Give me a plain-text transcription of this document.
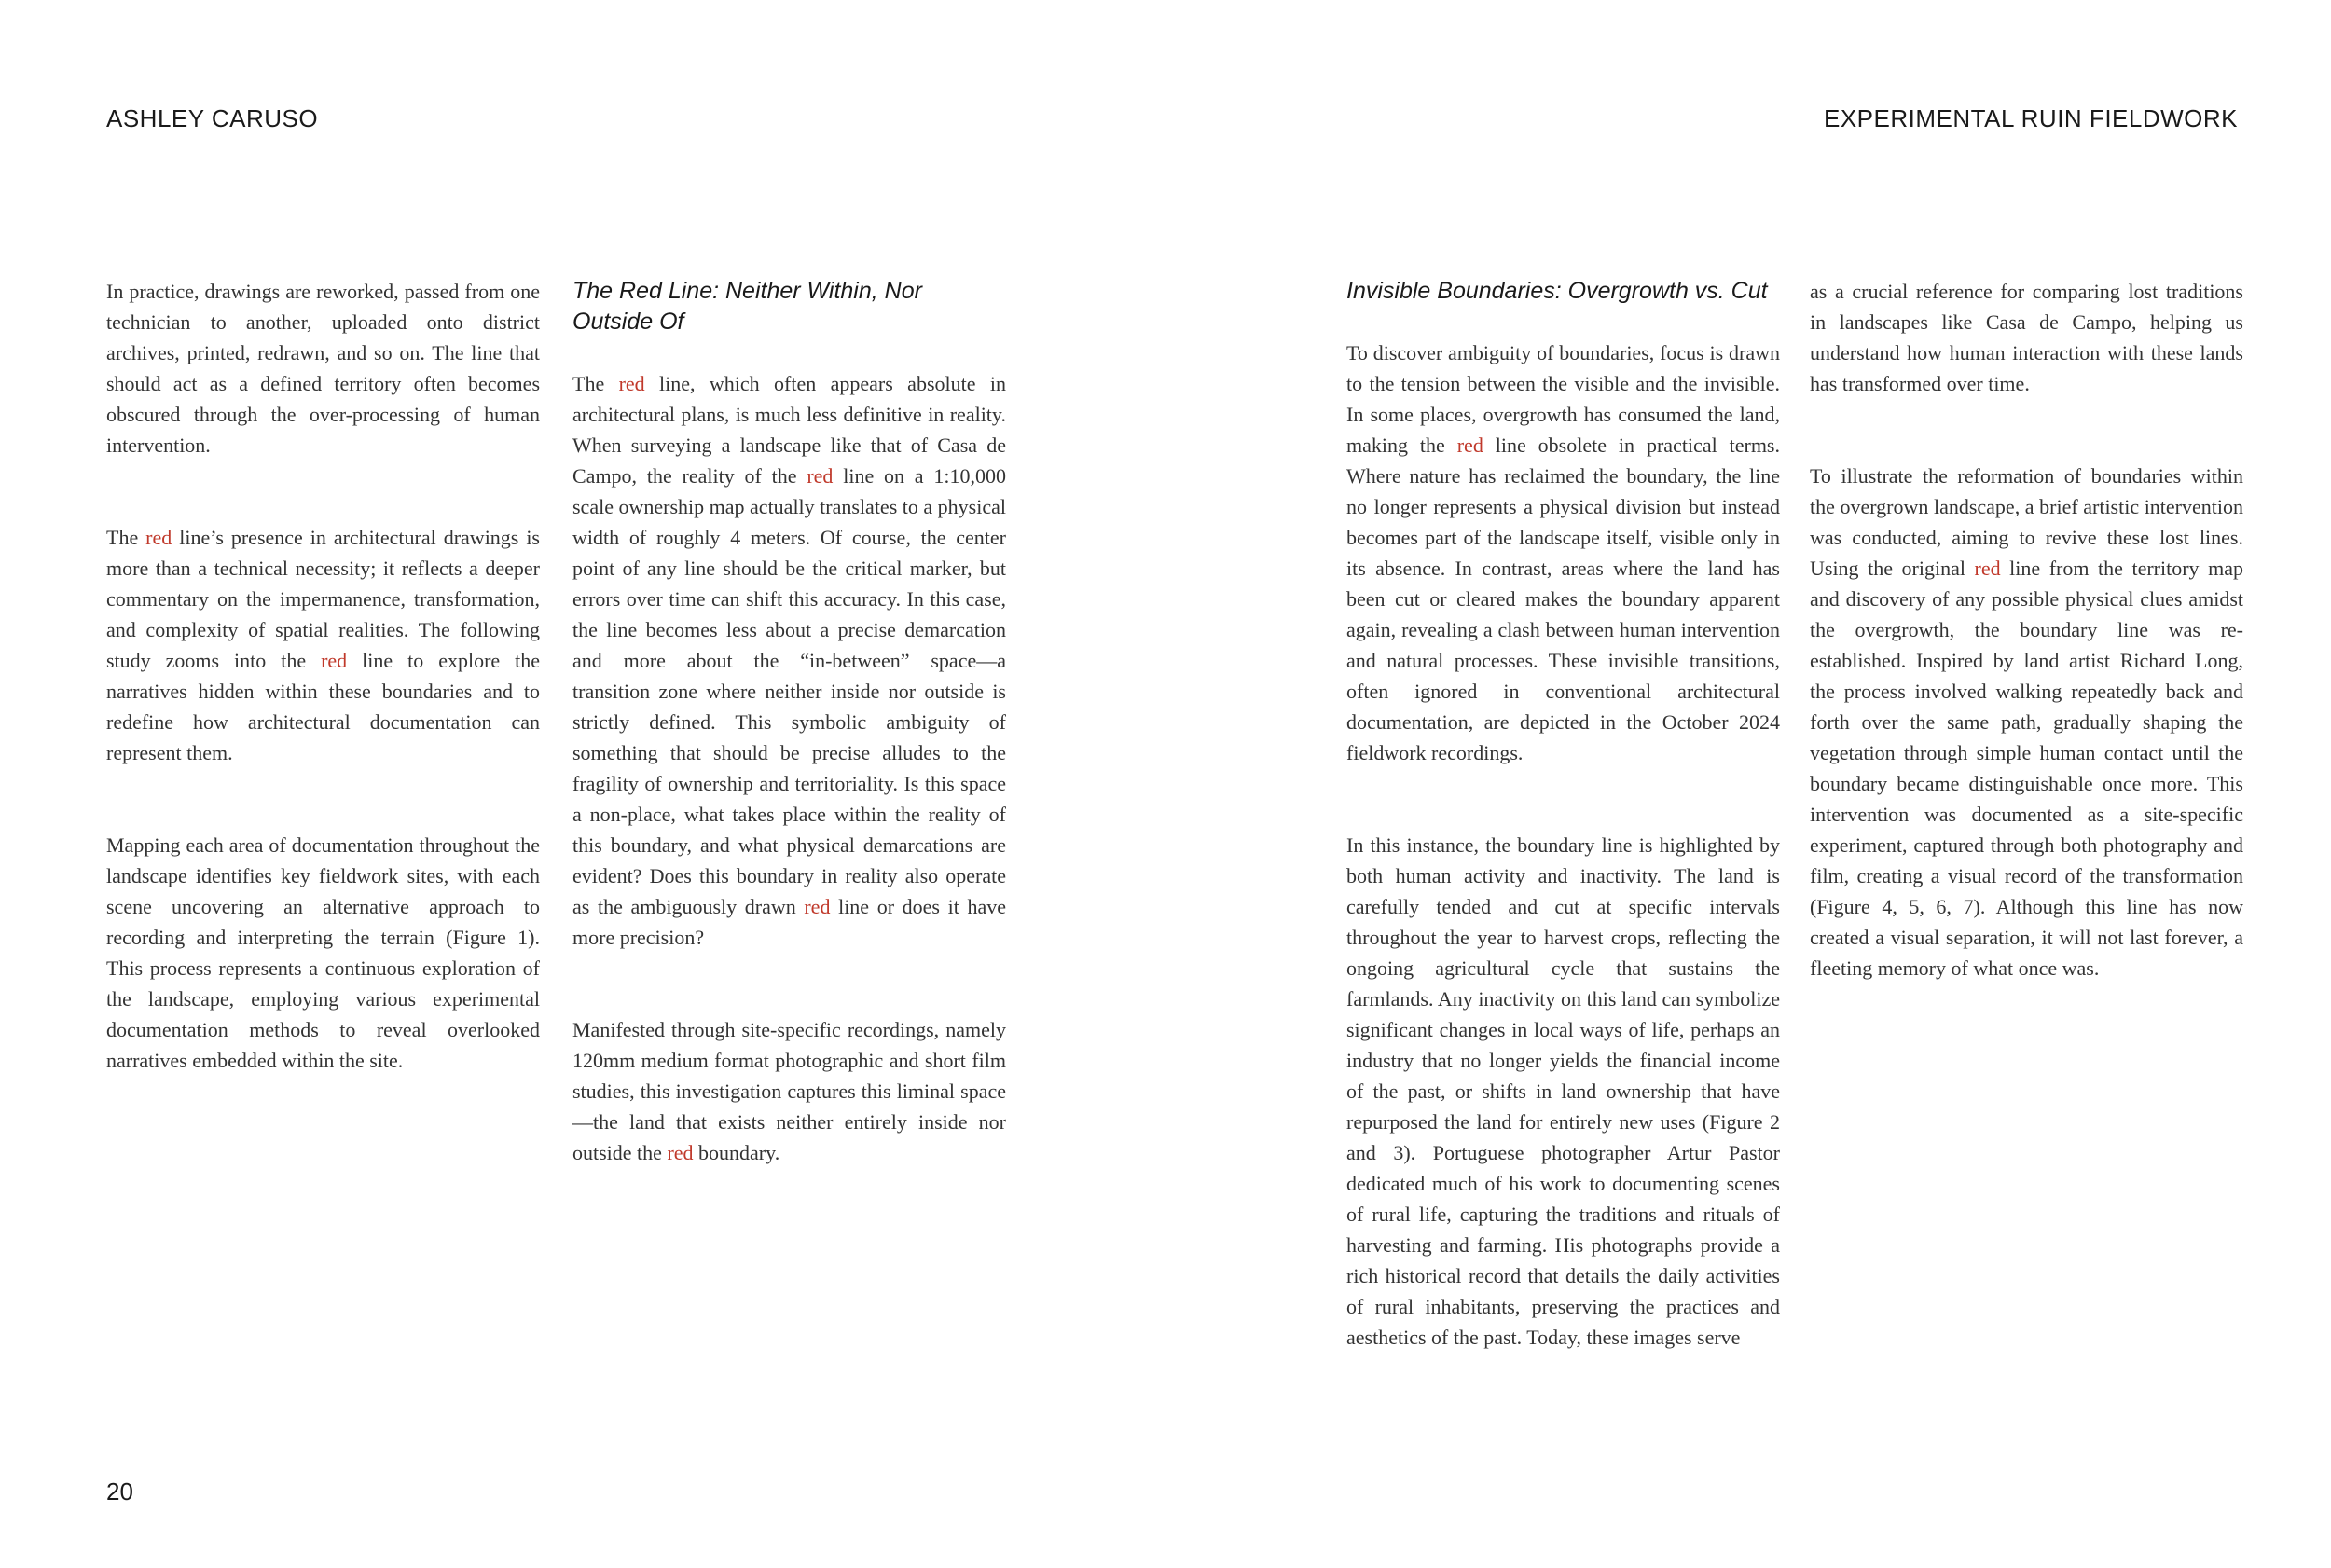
ASHLEY CARUSO	EXPERIMENTAL RUIN FIELDWORK

In practice, drawings are reworked, passed from one technician to another, uploaded onto district archives, printed, redrawn, and so on. The line that should act as a defined territory often becomes obscured through the over-processing of human intervention.

The red line’s presence in architectural drawings is more than a technical necessity; it reflects a deeper commentary on the impermanence, transformation, and complexity of spatial realities. The following study zooms into the red line to explore the narratives hidden within these boundaries and to redefine how architectural documentation can represent them.

Mapping each area of documentation throughout the landscape identifies key fieldwork sites, with each scene uncovering an alternative approach to recording and interpreting the terrain (Figure 1). This process represents a continuous exploration of the landscape, employing various experimental documentation methods to reveal overlooked narratives embedded within the site.

The Red Line: Neither Within, Nor Outside Of

The red line, which often appears absolute in architectural plans, is much less definitive in reality. When surveying a landscape like that of Casa de Campo, the reality of the red line on a 1:10,000 scale ownership map actually translates to a physical width of roughly 4 meters. Of course, the center point of any line should be the critical marker, but errors over time can shift this accuracy. In this case, the line becomes less about a precise demarcation and more about the “in-between” space—a transition zone where neither inside nor outside is strictly defined. This symbolic ambiguity of something that should be precise alludes to the fragility of ownership and territoriality. Is this space a non-place, what takes place within the reality of this boundary, and what physical demarcations are evident? Does this boundary in reality also operate as the ambiguously drawn red line or does it have more precision?

Manifested through site-specific recordings, namely 120mm medium format photographic and short film studies, this investigation captures this liminal space—the land that exists neither entirely inside nor outside the red boundary.

Invisible Boundaries: Overgrowth vs. Cut

To discover ambiguity of boundaries, focus is drawn to the tension between the visible and the invisible. In some places, overgrowth has consumed the land, making the red line obsolete in practical terms. Where nature has reclaimed the boundary, the line no longer represents a physical division but instead becomes part of the landscape itself, visible only in its absence. In contrast, areas where the land has been cut or cleared makes the boundary apparent again, revealing a clash between human intervention and natural processes. These invisible transitions, often ignored in conventional architectural documentation, are depicted in the October 2024 fieldwork recordings.

In this instance, the boundary line is highlighted by both human activity and inactivity. The land is carefully tended and cut at specific intervals throughout the year to harvest crops, reflecting the ongoing agricultural cycle that sustains the farmlands. Any inactivity on this land can symbolize significant changes in local ways of life, perhaps an industry that no longer yields the financial income of the past, or shifts in land ownership that have repurposed the land for entirely new uses (Figure 2 and 3). Portuguese photographer Artur Pastor dedicated much of his work to documenting scenes of rural life, capturing the traditions and rituals of harvesting and farming. His photographs provide a rich historical record that details the daily activities of rural inhabitants, preserving the practices and aesthetics of the past. Today, these images serve

as a crucial reference for comparing lost traditions in landscapes like Casa de Campo, helping us understand how human interaction with these lands has transformed over time.

To illustrate the reformation of boundaries within the overgrown landscape, a brief artistic intervention was conducted, aiming to revive these lost lines. Using the original red line from the territory map and discovery of any possible physical clues amidst the overgrowth, the boundary line was re-established. Inspired by land artist Richard Long, the process involved walking repeatedly back and forth over the same path, gradually shaping the vegetation through simple human contact until the boundary became distinguishable once more. This intervention was documented as a site-specific experiment, captured through both photography and film, creating a visual record of the transformation (Figure 4, 5, 6, 7). Although this line has now created a visual separation, it will not last forever, a fleeting memory of what once was.

20
